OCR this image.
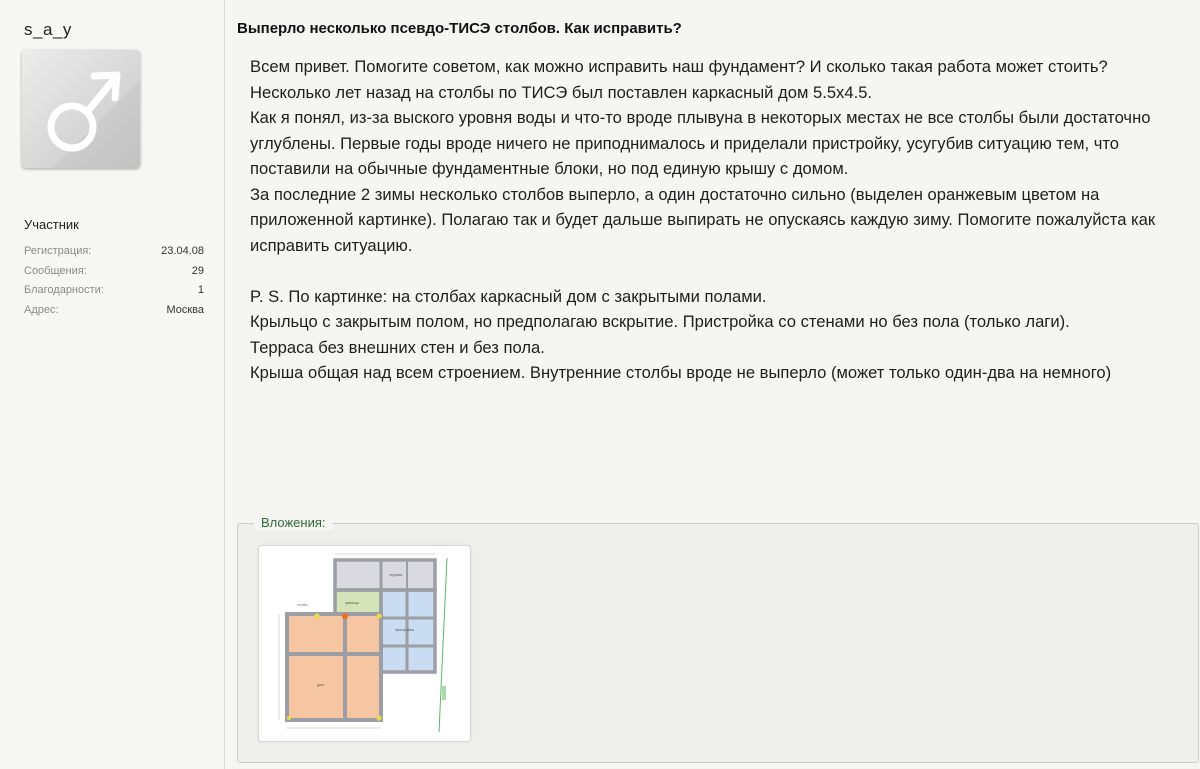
s_a_y
Участник
Регистрация:	23.04.08
Сообщения:	29
Благодарности:	1
Адрес:	Москва
Выперло несколько псевдо-ТИСЭ столбов. Как исправить?

Всем привет. Помогите советом, как можно исправить наш фундамент? И сколько такая работа может стоить?

Несколько лет назад на столбы по ТИСЭ был поставлен каркасный дом 5.5х4.5.

Как я понял, из-за выского уровня воды и что-то вроде плывуна в некоторых местах не все столбы были достаточно углублены. Первые годы вроде ничего не приподнималось и приделали пристройку, усугубив ситуацию тем, что поставили на обычные фундаментные блоки, но под единую крышу с домом.

За последние 2 зимы несколько столбов выперло, а один достаточно сильно (выделен оранжевым цветом на приложенной картинке). Полагаю так и будет дальше выпирать не опускаясь каждую зиму. Помогите пожалуйста как исправить ситуацию.

P. S. По картинке: на столбах каркасный дом с закрытыми полами.

Крыльцо с закрытым полом, но предполагаю вскрытие. Пристройка со стенами но без пола (только лаги).

Терраса без внешних стен и без пола.

Крыша общая над всем строением. Внутренние столбы вроде не выперло (может только один-два на немного)

Вложения:
терраса
крыльцо
пристройка
дом
столбы
